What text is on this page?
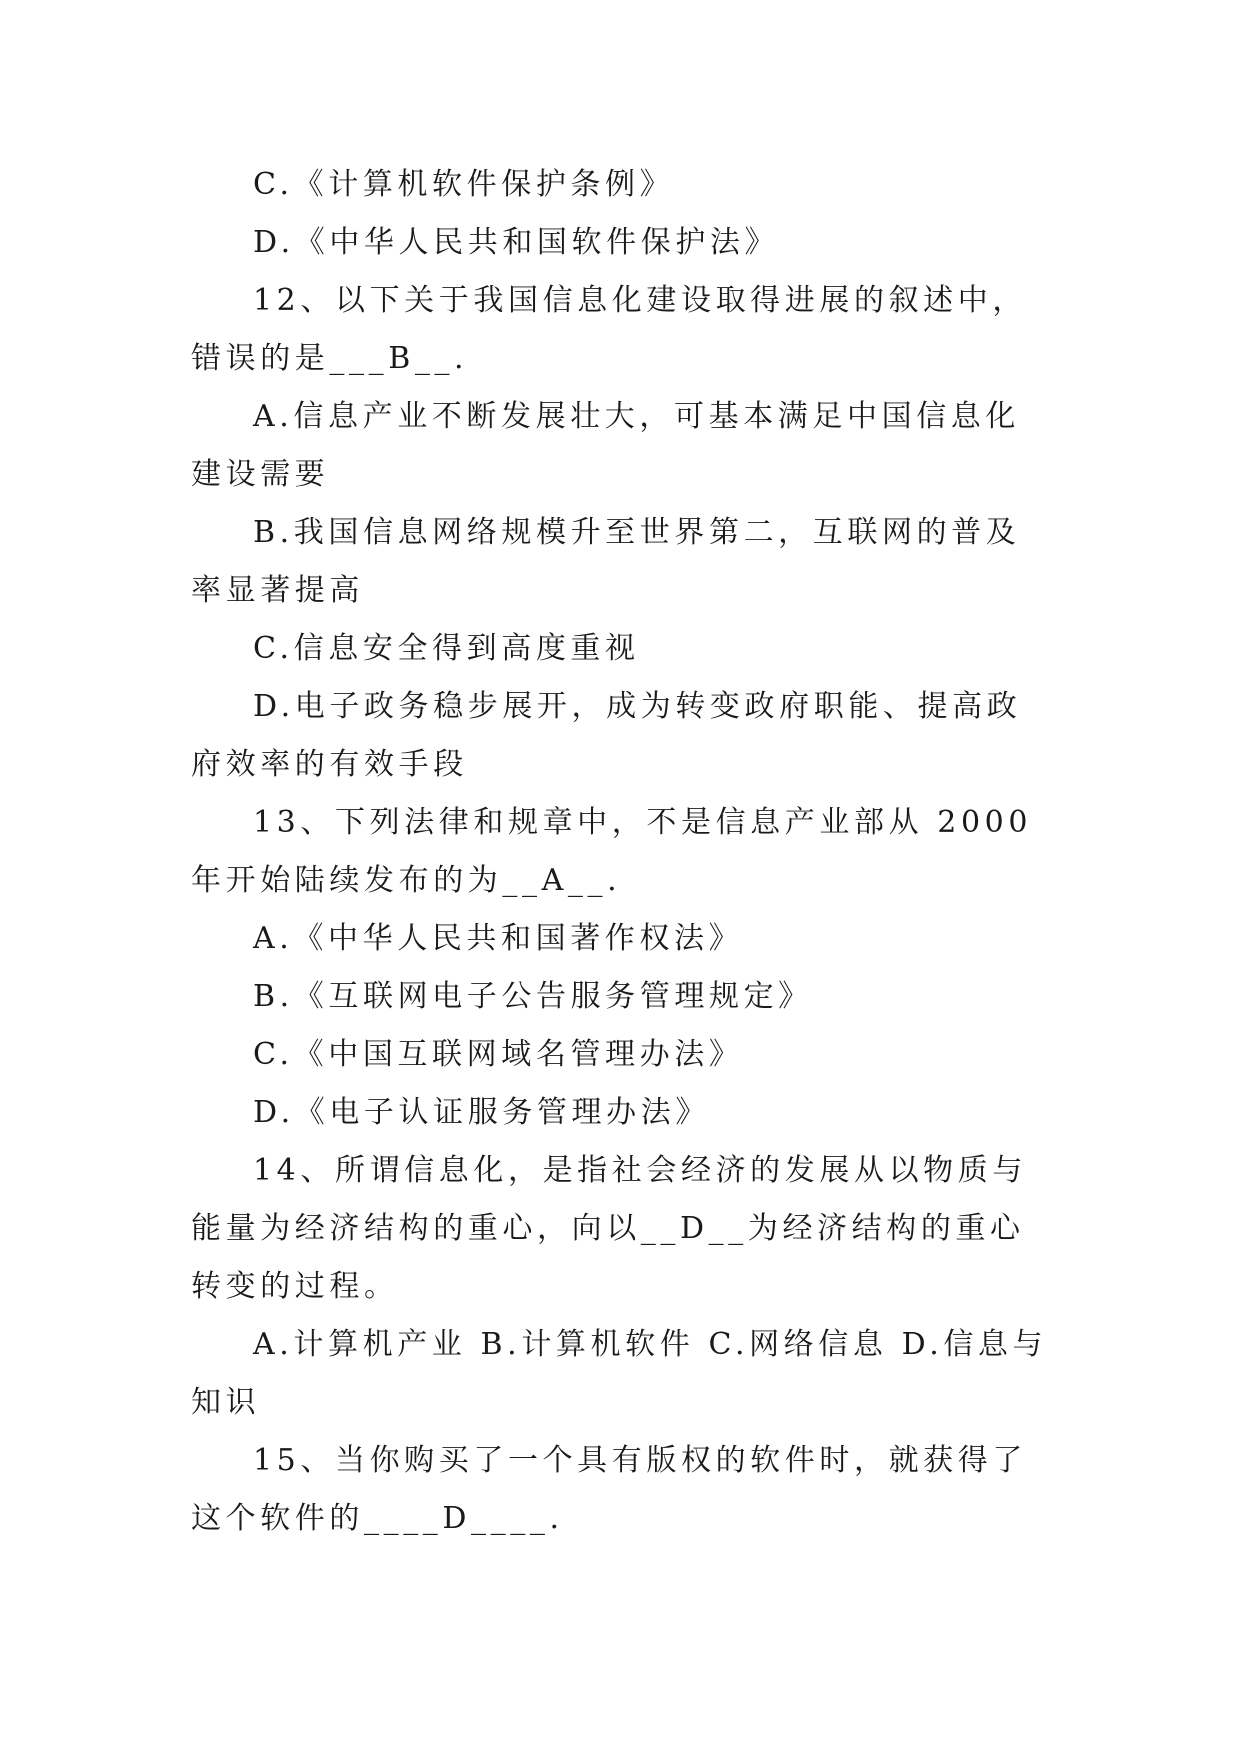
C.《计算机软件保护条例》

D.《中华人民共和国软件保护法》

12、以下关于我国信息化建设取得进展的叙述中，错误的是___B__.

A.信息产业不断发展壮大，可基本满足中国信息化建设需要

B.我国信息网络规模升至世界第二，互联网的普及率显著提高

C.信息安全得到高度重视

D.电子政务稳步展开，成为转变政府职能、提高政府效率的有效手段

13、下列法律和规章中，不是信息产业部从 2000 年开始陆续发布的为__A__.

A.《中华人民共和国著作权法》

B.《互联网电子公告服务管理规定》

C.《中国互联网域名管理办法》

D.《电子认证服务管理办法》

14、所谓信息化，是指社会经济的发展从以物质与能量为经济结构的重心，向以__D__为经济结构的重心转变的过程。

A.计算机产业 B.计算机软件 C.网络信息 D.信息与知识

15、当你购买了一个具有版权的软件时，就获得了这个软件的____D____.
